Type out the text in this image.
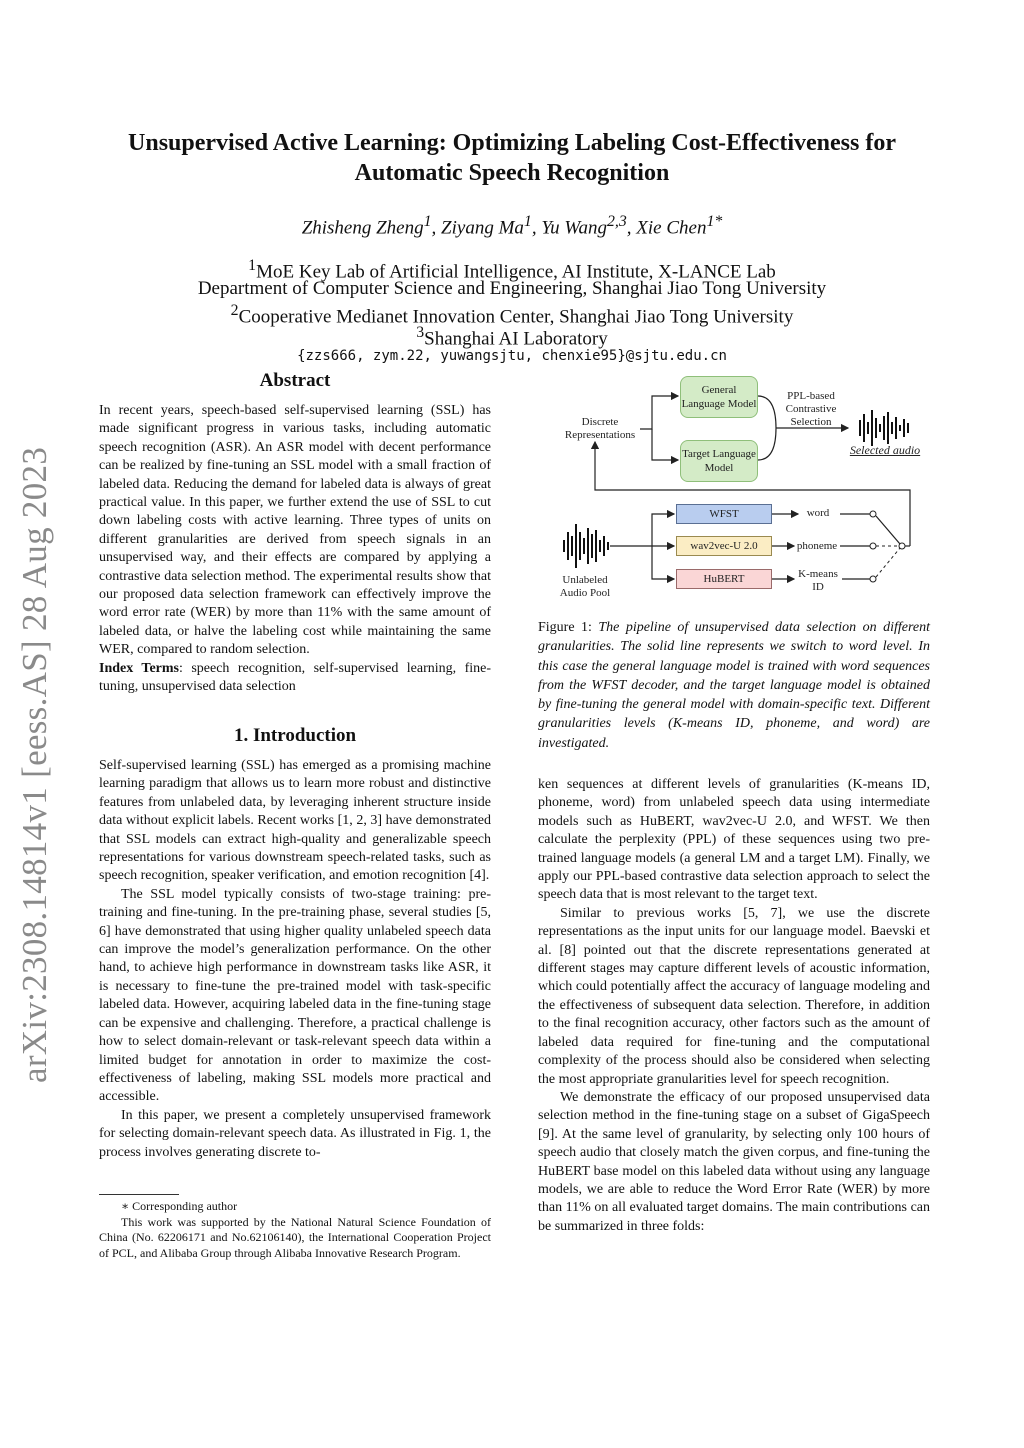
arXiv:2308.14814v1 [eess.AS] 28 Aug 2023
Unsupervised Active Learning: Optimizing Labeling Cost-Effectiveness for
Automatic Speech Recognition
Zhisheng Zheng$^1$, Ziyang Ma$^1$, Yu Wang$^{2,3}$, Xie Chen$^{1*}$
$^1$MoE Key Lab of Artificial Intelligence, AI Institute, X-LANCE Lab
Department of Computer Science and Engineering, Shanghai Jiao Tong University
$^2$Cooperative Medianet Innovation Center, Shanghai Jiao Tong University
$^3$Shanghai AI Laboratory
{zzs666, zym.22, yuwangsjtu, chenxie95}@sjtu.edu.cn
Abstract

In recent years, speech-based self-supervised learning (SSL) has made significant progress in various tasks, including automatic speech recognition (ASR). An ASR model with decent performance can be realized by fine-tuning an SSL model with a small fraction of labeled data. Reducing the demand for labeled data is always of great practical value. In this paper, we further extend the use of SSL to cut down labeling costs with active learning. Three types of units on different granularities are derived from speech signals in an unsupervised way, and their effects are compared by applying a contrastive data selection method. The experimental results show that our proposed data selection framework can effectively improve the word error rate (WER) by more than 11% with the same amount of labeled data, or halve the labeling cost while maintaining the same WER, compared to random selection.

Index Terms: speech recognition, self-supervised learning, fine-tuning, unsupervised data selection

1. Introduction

Self-supervised learning (SSL) has emerged as a promising machine learning paradigm that allows us to learn more robust and distinctive features from unlabeled data, by leveraging inherent structure inside data without explicit labels. Recent works [1, 2, 3] have demonstrated that SSL models can extract high-quality and generalizable speech representations for various downstream speech-related tasks, such as speech recognition, speaker verification, and emotion recognition [4].

The SSL model typically consists of two-stage training: pre-training and fine-tuning. In the pre-training phase, several studies [5, 6] have demonstrated that using higher quality unlabeled speech data can improve the model’s generalization performance. On the other hand, to achieve high performance in downstream tasks like ASR, it is necessary to fine-tune the pre-trained model with task-specific labeled data. However, acquiring labeled data in the fine-tuning stage can be expensive and challenging. Therefore, a practical challenge is how to select domain-relevant or task-relevant speech data within a limited budget for annotation in order to maximize the cost-effectiveness of labeling, making SSL models more practical and accessible.

In this paper, we present a completely unsupervised framework for selecting domain-relevant speech data. As illustrated in Fig. 1, the process involves generating discrete to-

∗ Corresponding author
This work was supported by the National Natural Science Foundation of China (No. 62206171 and No.62106140), the International Cooperation Project of PCL, and Alibaba Group through Alibaba Innovative Research Program.
General Language Model
Target Language Model
Discrete Representations
PPL-based Contrastive Selection
Selected audio
WFST
wav2vec-U 2.0
HuBERT
word
phoneme
K-means ID
Unlabeled Audio Pool
Figure 1: The pipeline of unsupervised data selection on different granularities. The solid line represents we switch to word level. In this case the general language model is trained with word sequences from the WFST decoder, and the target language model is obtained by fine-tuning the general model with domain-specific text. Different granularities levels (K-means ID, phoneme, and word) are investigated.

ken sequences at different levels of granularities (K-means ID, phoneme, word) from unlabeled speech data using intermediate models such as HuBERT, wav2vec-U 2.0, and WFST. We then calculate the perplexity (PPL) of these sequences using two pre-trained language models (a general LM and a target LM). Finally, we apply our PPL-based contrastive data selection approach to select the speech data that is most relevant to the target text.

Similar to previous works [5, 7], we use the discrete representations as the input units for our language model. Baevski et al. [8] pointed out that the discrete representations generated at different stages may capture different levels of acoustic information, which could potentially affect the accuracy of language modeling and the effectiveness of subsequent data selection. Therefore, in addition to the final recognition accuracy, other factors such as the amount of labeled data required for fine-tuning and the computational complexity of the process should also be considered when selecting the most appropriate granularities level for speech recognition.

We demonstrate the efficacy of our proposed unsupervised data selection method in the fine-tuning stage on a subset of GigaSpeech [9]. At the same level of granularity, by selecting only 100 hours of speech audio that closely match the given corpus, and fine-tuning the HuBERT base model on this labeled data without using any language models, we are able to reduce the Word Error Rate (WER) by more than 11% on all evaluated target domains. The main contributions can be summarized in three folds:
